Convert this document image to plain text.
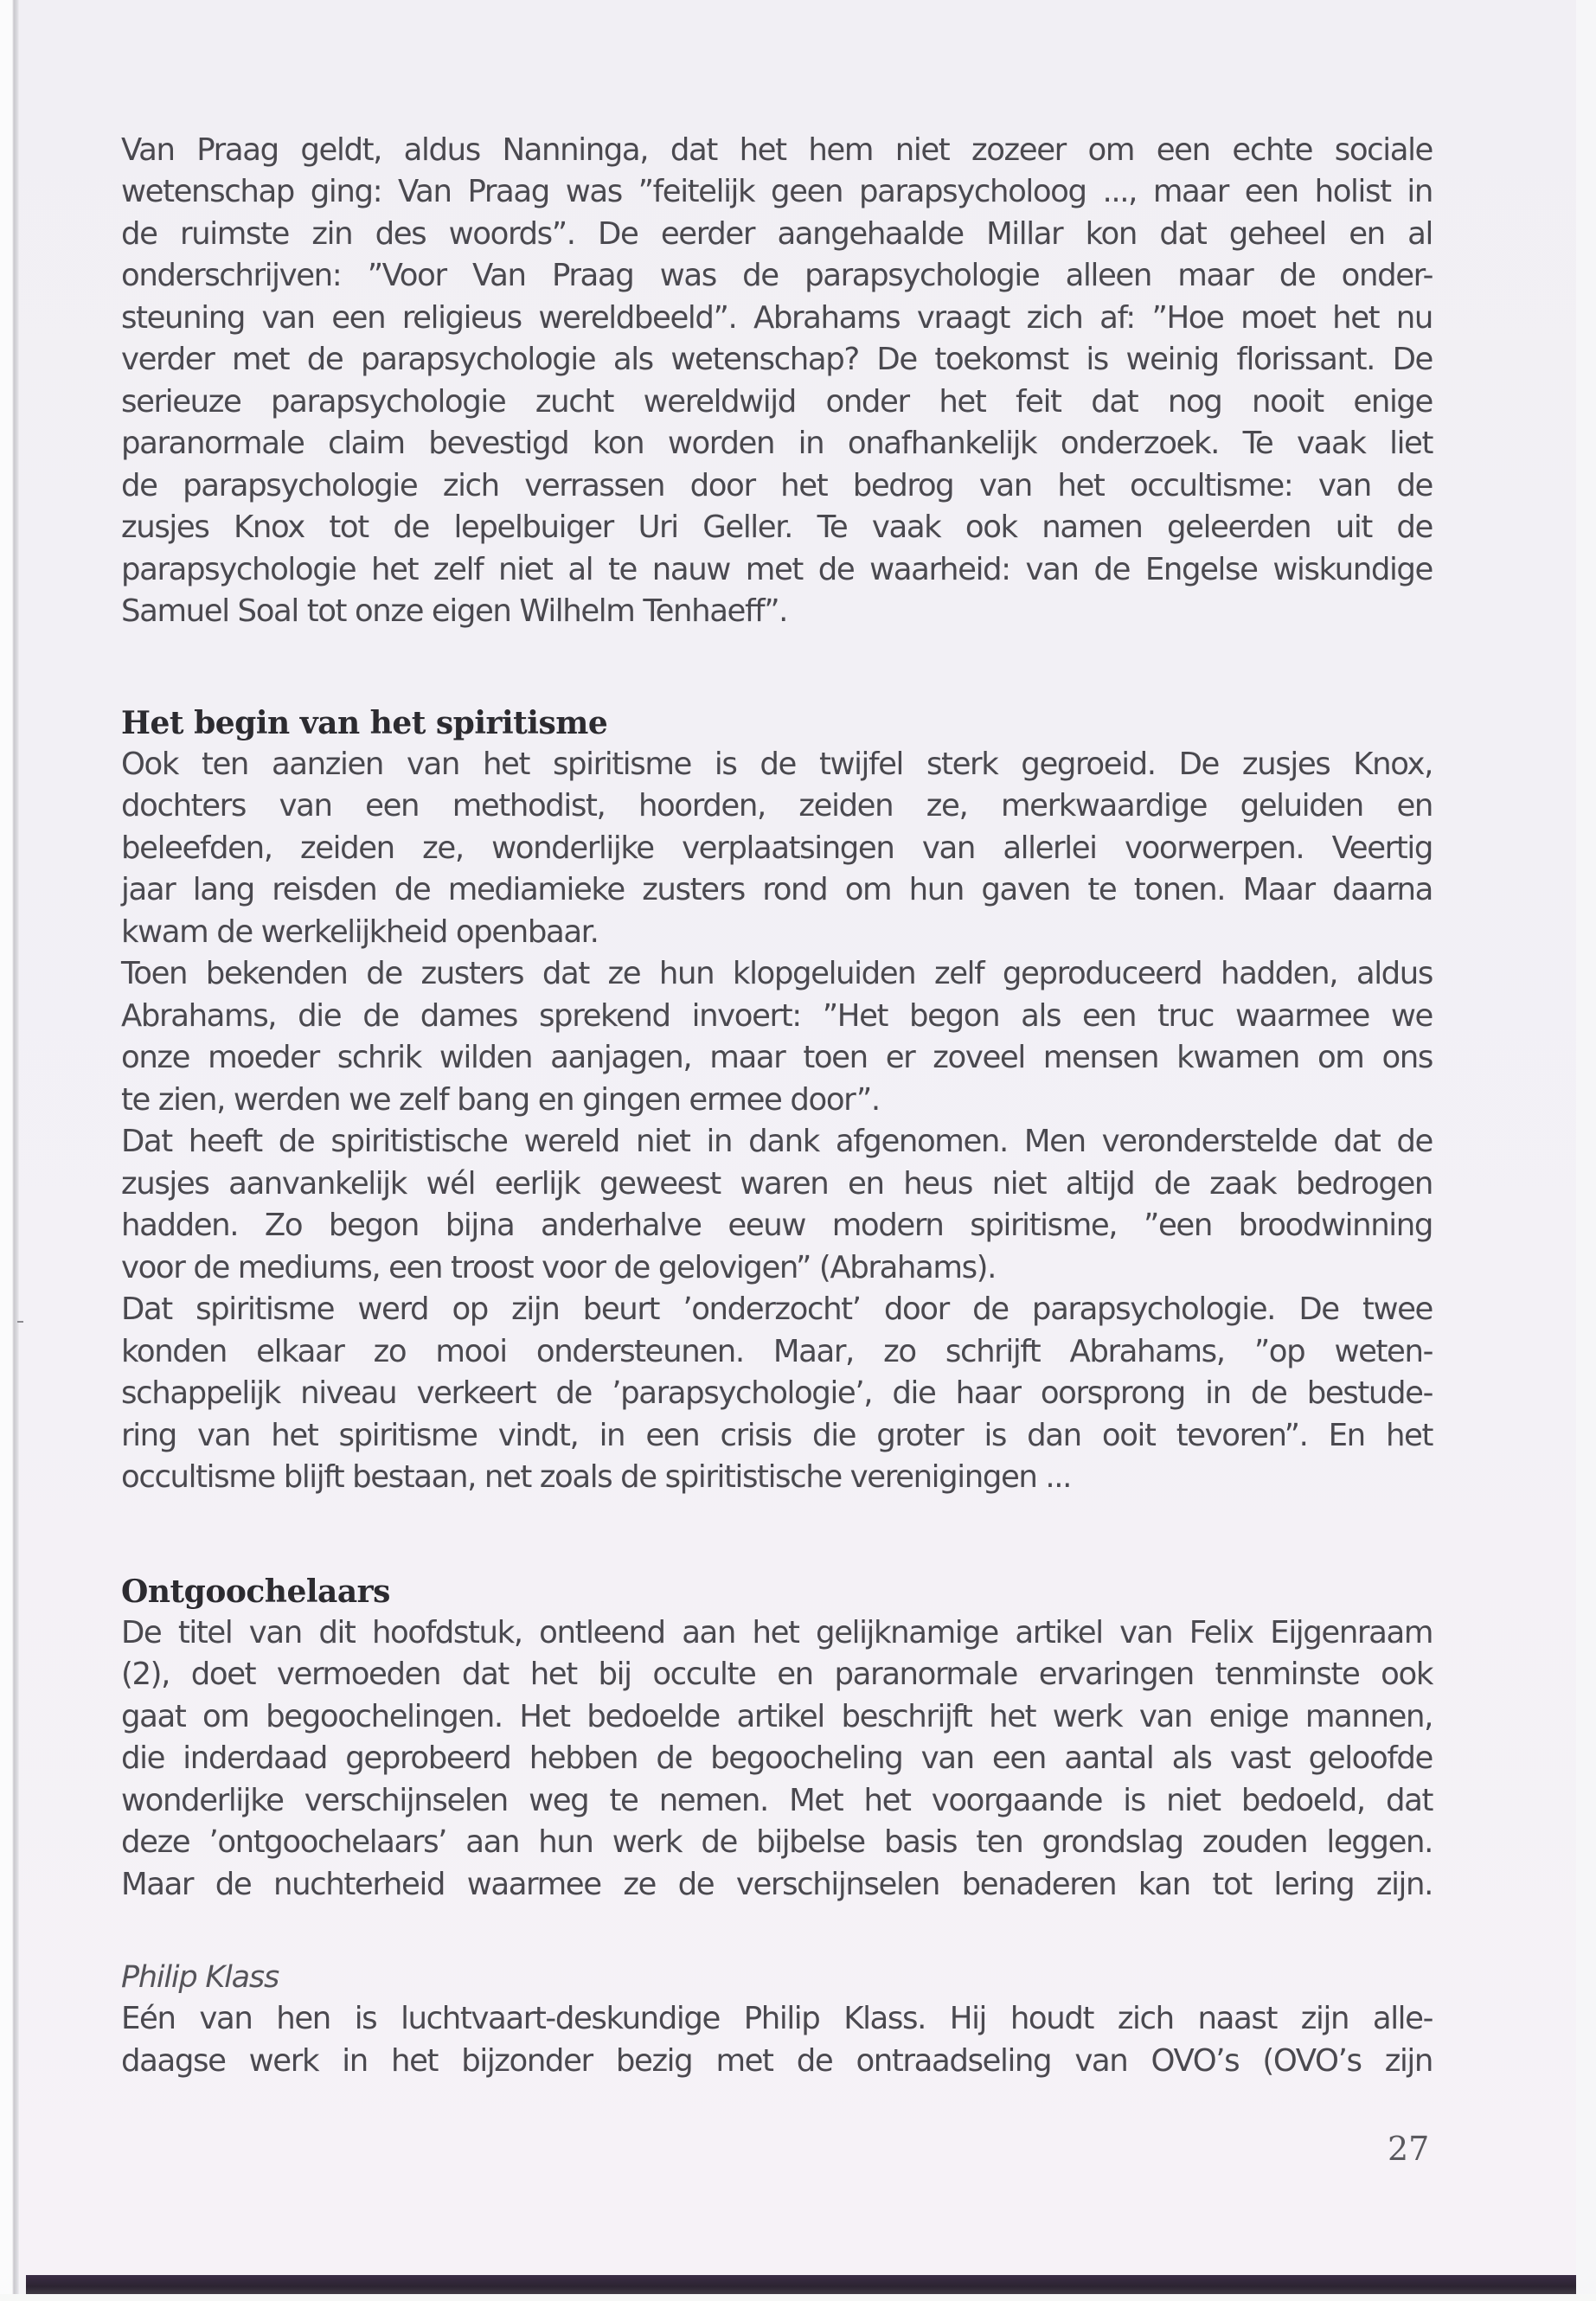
Van Praag geldt, aldus Nanninga, dat het hem niet zozeer om een echte sociale
wetenschap ging: Van Praag was ”feitelijk geen parapsycholoog ..., maar een holist in
de ruimste zin des woords”. De eerder aangehaalde Millar kon dat geheel en al
onderschrijven: ”Voor Van Praag was de parapsychologie alleen maar de onder-
steuning van een religieus wereldbeeld”. Abrahams vraagt zich af: ”Hoe moet het nu
verder met de parapsychologie als wetenschap? De toekomst is weinig florissant. De
serieuze parapsychologie zucht wereldwijd onder het feit dat nog nooit enige
paranormale claim bevestigd kon worden in onafhankelijk onderzoek. Te vaak liet
de parapsychologie zich verrassen door het bedrog van het occultisme: van de
zusjes Knox tot de lepelbuiger Uri Geller. Te vaak ook namen geleerden uit de
parapsychologie het zelf niet al te nauw met de waarheid: van de Engelse wiskundige
Samuel Soal tot onze eigen Wilhelm Tenhaeff”.
Het begin van het spiritisme
Ook ten aanzien van het spiritisme is de twijfel sterk gegroeid. De zusjes Knox,
dochters van een methodist, hoorden, zeiden ze, merkwaardige geluiden en
beleefden, zeiden ze, wonderlijke verplaatsingen van allerlei voorwerpen. Veertig
jaar lang reisden de mediamieke zusters rond om hun gaven te tonen. Maar daarna
kwam de werkelijkheid openbaar.
Toen bekenden de zusters dat ze hun klopgeluiden zelf geproduceerd hadden, aldus
Abrahams, die de dames sprekend invoert: ”Het begon als een truc waarmee we
onze moeder schrik wilden aanjagen, maar toen er zoveel mensen kwamen om ons
te zien, werden we zelf bang en gingen ermee door”.
Dat heeft de spiritistische wereld niet in dank afgenomen. Men veronderstelde dat de
zusjes aanvankelijk wél eerlijk geweest waren en heus niet altijd de zaak bedrogen
hadden. Zo begon bijna anderhalve eeuw modern spiritisme, ”een broodwinning
voor de mediums, een troost voor de gelovigen” (Abrahams).
Dat spiritisme werd op zijn beurt ’onderzocht’ door de parapsychologie. De twee
konden elkaar zo mooi ondersteunen. Maar, zo schrijft Abrahams, ”op weten-
schappelijk niveau verkeert de ’parapsychologie’, die haar oorsprong in de bestude-
ring van het spiritisme vindt, in een crisis die groter is dan ooit tevoren”. En het
occultisme blijft bestaan, net zoals de spiritistische verenigingen ...
Ontgoochelaars
De titel van dit hoofdstuk, ontleend aan het gelijknamige artikel van Felix Eijgenraam
(2), doet vermoeden dat het bij occulte en paranormale ervaringen tenminste ook
gaat om begoochelingen. Het bedoelde artikel beschrijft het werk van enige mannen,
die inderdaad geprobeerd hebben de begoocheling van een aantal als vast geloofde
wonderlijke verschijnselen weg te nemen. Met het voorgaande is niet bedoeld, dat
deze ’ontgoochelaars’ aan hun werk de bijbelse basis ten grondslag zouden leggen.
Maar de nuchterheid waarmee ze de verschijnselen benaderen kan tot lering zijn.
Philip Klass
Eén van hen is luchtvaart-deskundige Philip Klass. Hij houdt zich naast zijn alle-
daagse werk in het bijzonder bezig met de ontraadseling van OVO’s (OVO’s zijn
27
